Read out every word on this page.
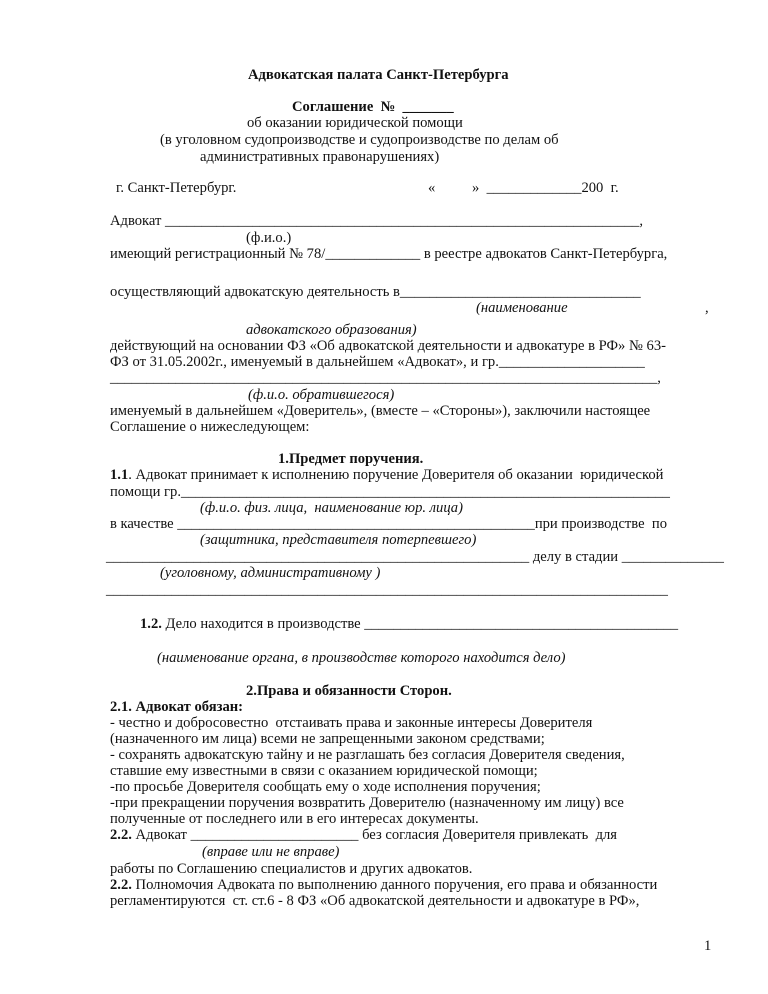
Адвокатская палата Санкт-Петербурга
Соглашение  №  _______
об оказании юридической помощи
(в уголовном судопроизводстве и судопроизводстве по делам об
административных правонарушениях)
г. Санкт-Петербург.	«	»  _____________200  г.
Адвокат _________________________________________________________________,
(ф.и.о.)
имеющий регистрационный № 78/_____________ в реестре адвокатов Санкт-Петербурга,
осуществляющий адвокатскую деятельность в_________________________________
(наименование	,
адвокатского образования)
действующий на основании ФЗ «Об адвокатской деятельности и адвокатуре в РФ» № 63-
ФЗ от 31.05.2002г., именуемый в дальнейшем «Адвокат», и гр.____________________
___________________________________________________________________________,
(ф.и.о. обратившегося)
именуемый в дальнейшем «Доверитель», (вместе – «Стороны»), заключили настоящее
Соглашение о нижеследующем:
1.Предмет поручения.
1.1. Адвокат принимает к исполнению поручение Доверителя об оказании  юридической
помощи гр.___________________________________________________________________
(ф.и.о. физ. лица,  наименование юр. лица)
в качестве _________________________________________________при производстве  по
(защитника, представителя потерпевшего)
__________________________________________________________ делу в стадии ______________
(уголовному, административному )
_____________________________________________________________________________
1.2. Дело находится в производстве ___________________________________________
(наименование органа, в производстве которого находится дело)
2.Права и обязанности Сторон.
2.1. Адвокат обязан:
- честно и добросовестно  отстаивать права и законные интересы Доверителя
(назначенного им лица) всеми не запрещенными законом средствами;
- сохранять адвокатскую тайну и не разглашать без согласия Доверителя сведения,
ставшие ему известными в связи с оказанием юридической помощи;
-по просьбе Доверителя сообщать ему о ходе исполнения поручения;
-при прекращении поручения возвратить Доверителю (назначенному им лицу) все
полученные от последнего или в его интересах документы.
2.2. Адвокат _______________________ без согласия Доверителя привлекать  для
(вправе или не вправе)
работы по Соглашению специалистов и других адвокатов.
2.2. Полномочия Адвоката по выполнению данного поручения, его права и обязанности
регламентируются  ст. ст.6 - 8 ФЗ «Об адвокатской деятельности и адвокатуре в РФ»,
1
